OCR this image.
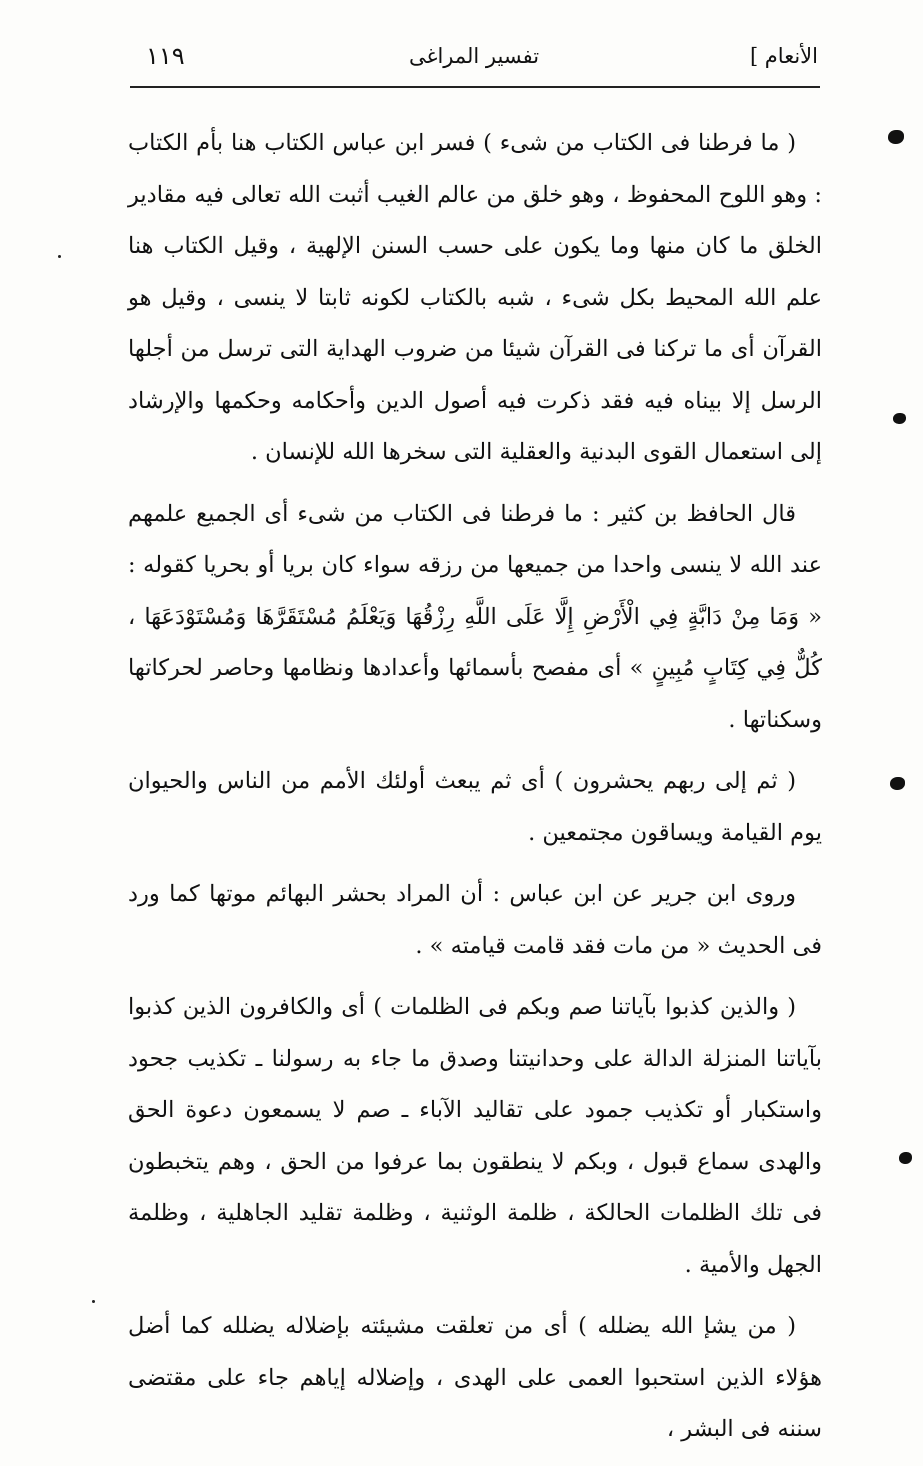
الأنعام ]
تفسير المراغى
١١٩

( ما فرطنا فى الكتاب من شىء ) فسر ابن عباس الكتاب هنا بأم الكتاب : وهو اللوح المحفوظ ، وهو خلق من عالم الغيب أثبت الله تعالى فيه مقادير الخلق ما كان منها وما يكون على حسب السنن الإلهية ، وقيل الكتاب هنا علم الله المحيط بكل شىء ، شبه بالكتاب لكونه ثابتا لا ينسى ، وقيل هو القرآن أى ما تركنا فى القرآن شيئا من ضروب الهداية التى ترسل من أجلها الرسل إلا بيناه فيه فقد ذكرت فيه أصول الدين وأحكامه وحكمها والإرشاد إلى استعمال القوى البدنية والعقلية التى سخرها الله للإنسان .

قال الحافظ بن كثير : ما فرطنا فى الكتاب من شىء أى الجميع علمهم عند الله لا ينسى واحدا من جميعها من رزقه سواء كان بريا أو بحريا كقوله : « وَمَا مِنْ دَابَّةٍ فِي الْأَرْضِ إِلَّا عَلَى اللَّهِ رِزْقُهَا وَيَعْلَمُ مُسْتَقَرَّهَا وَمُسْتَوْدَعَهَا ، كُلٌّ فِي كِتَابٍ مُبِينٍ » أى مفصح بأسمائها وأعدادها ونظامها وحاصر لحركاتها وسكناتها .

( ثم إلى ربهم يحشرون ) أى ثم يبعث أولئك الأمم من الناس والحيوان يوم القيامة ويساقون مجتمعين .

وروى ابن جرير عن ابن عباس : أن المراد بحشر البهائم موتها كما ورد فى الحديث « من مات فقد قامت قيامته » .

( والذين كذبوا بآياتنا صم وبكم فى الظلمات ) أى والكافرون الذين كذبوا بآياتنا المنزلة الدالة على وحدانيتنا وصدق ما جاء به رسولنا ـ تكذيب جحود واستكبار أو تكذيب جمود على تقاليد الآباء ـ صم لا يسمعون دعوة الحق والهدى سماع قبول ، وبكم لا ينطقون بما عرفوا من الحق ، وهم يتخبطون فى تلك الظلمات الحالكة ، ظلمة الوثنية ، وظلمة تقليد الجاهلية ، وظلمة الجهل والأمية .

( من يشإ الله يضلله ) أى من تعلقت مشيئته بإضلاله يضلله كما أضل هؤلاء الذين استحبوا العمى على الهدى ، وإضلاله إياهم جاء على مقتضى سننه فى البشر ،
